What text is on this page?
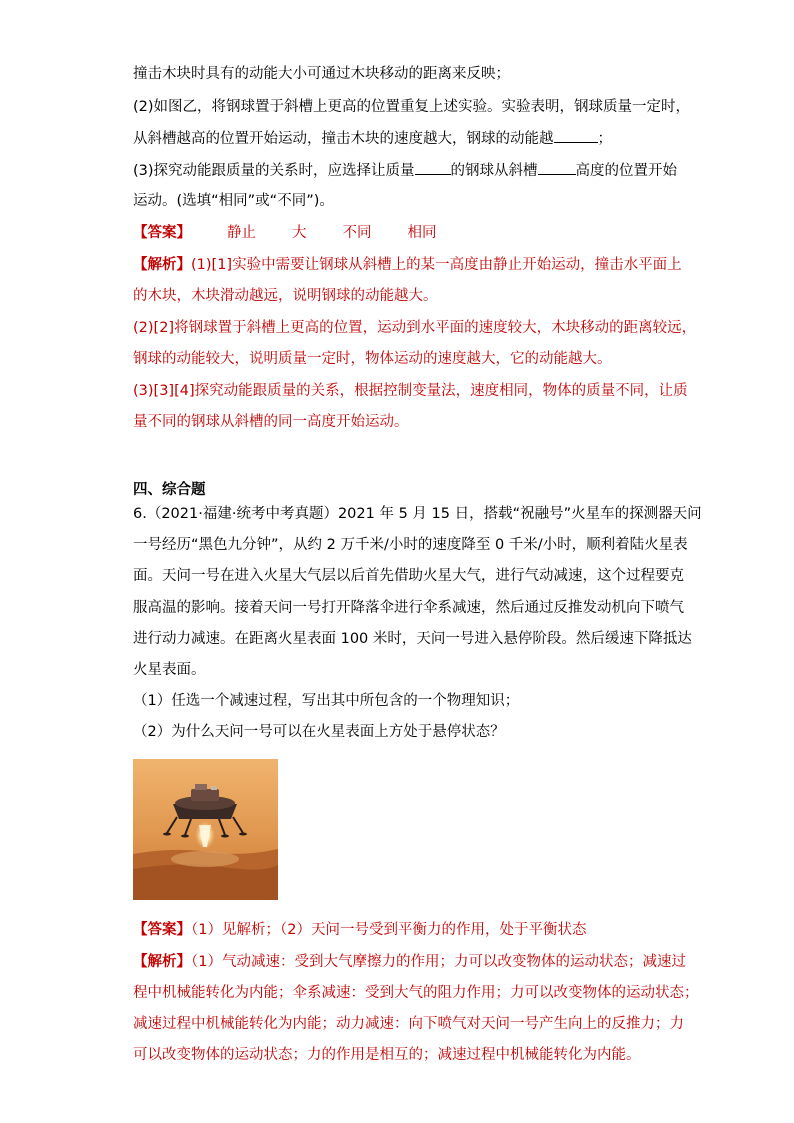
撞击木块时具有的动能大小可通过木块移动的距离来反映；
(2)如图乙，将钢球置于斜槽上更高的位置重复上述实验。实验表明，钢球质量一定时，
从斜槽越高的位置开始运动，撞击木块的速度越大，钢球的动能越	；
(3)探究动能跟质量的关系时，应选择让质量 的钢球从斜槽	高度的位置开始
运动。(选填“相同”或“不同”)。
【答案】 静止 大 不同 相同
【解析】(1)[1]实验中需要让钢球从斜槽上的某一高度由静止开始运动，撞击水平面上
的木块，木块滑动越远，说明钢球的动能越大。
(2)[2]将钢球置于斜槽上更高的位置，运动到水平面的速度较大，木块移动的距离较远，
钢球的动能较大，说明质量一定时，物体运动的速度越大，它的动能越大。
(3)[3][4]探究动能跟质量的关系，根据控制变量法，速度相同，物体的质量不同，让质
量不同的钢球从斜槽的同一高度开始运动。
四、综合题
6.（2021·福建·统考中考真题）2021 年 5 月 15 日，搭载“祝融号”火星车的探测器天问
一号经历“黑色九分钟”，从约 2 万千米/小时的速度降至 0 千米/小时，顺利着陆火星表
面。天问一号在进入火星大气层以后首先借助火星大气，进行气动减速，这个过程要克
服高温的影响。接着天问一号打开降落伞进行伞系减速，然后通过反推发动机向下喷气
进行动力减速。在距离火星表面 100 米时，天问一号进入悬停阶段。然后缓速下降抵达
火星表面。
（1）任选一个减速过程，写出其中所包含的一个物理知识；
（2）为什么天问一号可以在火星表面上方处于悬停状态？
【答案】（1）见解析；（2）天问一号受到平衡力的作用，处于平衡状态
【解析】（1）气动减速：受到大气摩擦力的作用；力可以改变物体的运动状态；减速过
程中机械能转化为内能；伞系减速：受到大气的阻力作用；力可以改变物体的运动状态；
减速过程中机械能转化为内能；动力减速：向下喷气对天问一号产生向上的反推力；力
可以改变物体的运动状态；力的作用是相互的；减速过程中机械能转化为内能。
